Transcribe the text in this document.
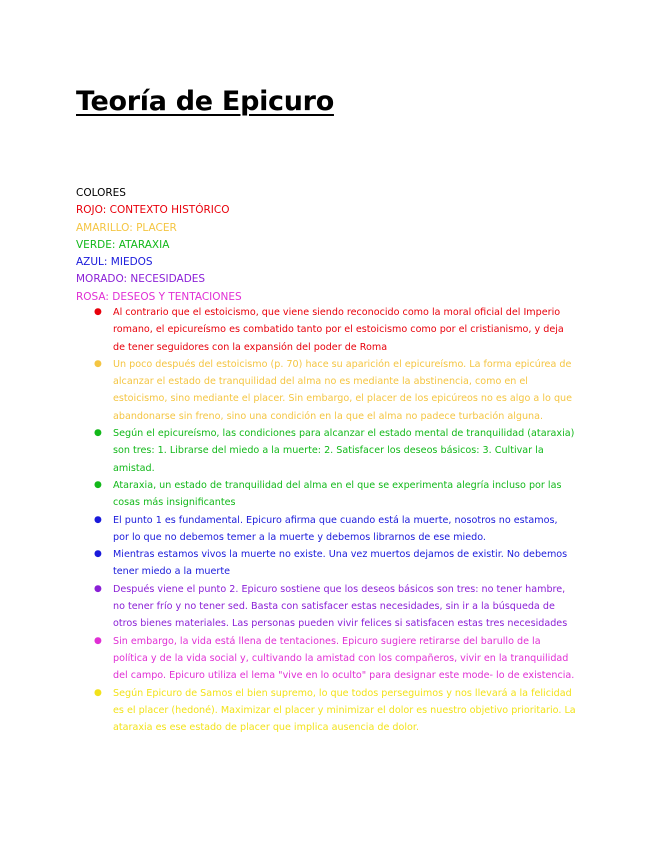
Teoría de Epicuro
COLORES
ROJO: CONTEXTO HISTÓRICO
AMARILLO: PLACER
VERDE: ATARAXIA
AZUL: MIEDOS
MORADO: NECESIDADES
ROSA: DESEOS Y TENTACIONES
● Al contrario que el estoicismo, que viene siendo reconocido como la moral oficial del Imperio romano, el epicureísmo es combatido tanto por el estoicismo como por el cristianismo, y deja de tener seguidores con la expansión del poder de Roma
● Un poco después del estoicismo (p. 70) hace su aparición el epicureísmo. La forma epicúrea de alcanzar el estado de tranquilidad del alma no es mediante la abstinencia, como en el estoicismo, sino mediante el placer. Sin embargo, el placer de los epicúreos no es algo a lo que abandonarse sin freno, sino una condición en la que el alma no padece turbación alguna.
● Según el epicureísmo, las condiciones para alcanzar el estado mental de tranquilidad (ataraxia) son tres: 1. Librarse del miedo a la muerte: 2. Satisfacer los deseos básicos: 3. Cultivar la amistad.
● Ataraxia, un estado de tranquilidad del alma en el que se experimenta alegría incluso por las cosas más insignificantes
● El punto 1 es fundamental. Epicuro afirma que cuando está la muerte, nosotros no estamos, por lo que no debemos temer a la muerte y debemos librarnos de ese miedo.
● Mientras estamos vivos la muerte no existe. Una vez muertos dejamos de existir. No debemos tener miedo a la muerte
● Después viene el punto 2. Epicuro sostiene que los deseos básicos son tres: no tener hambre, no tener frío y no tener sed. Basta con satisfacer estas necesidades, sin ir a la búsqueda de otros bienes materiales. Las personas pueden vivir felices si satisfacen estas tres necesidades
● Sin embargo, la vida está llena de tentaciones. Epicuro sugiere retirarse del barullo de la política y de la vida social y, cultivando la amistad con los compañeros, vivir en la tranquilidad del campo. Epicuro utiliza el lema "vive en lo oculto" para designar este mode- lo de existencia.
● Según Epicuro de Samos el bien supremo, lo que todos perseguimos y nos llevará a la felicidad es el placer (hedoné). Maximizar el placer y minimizar el dolor es nuestro objetivo prioritario. La ataraxia es ese estado de placer que implica ausencia de dolor.
